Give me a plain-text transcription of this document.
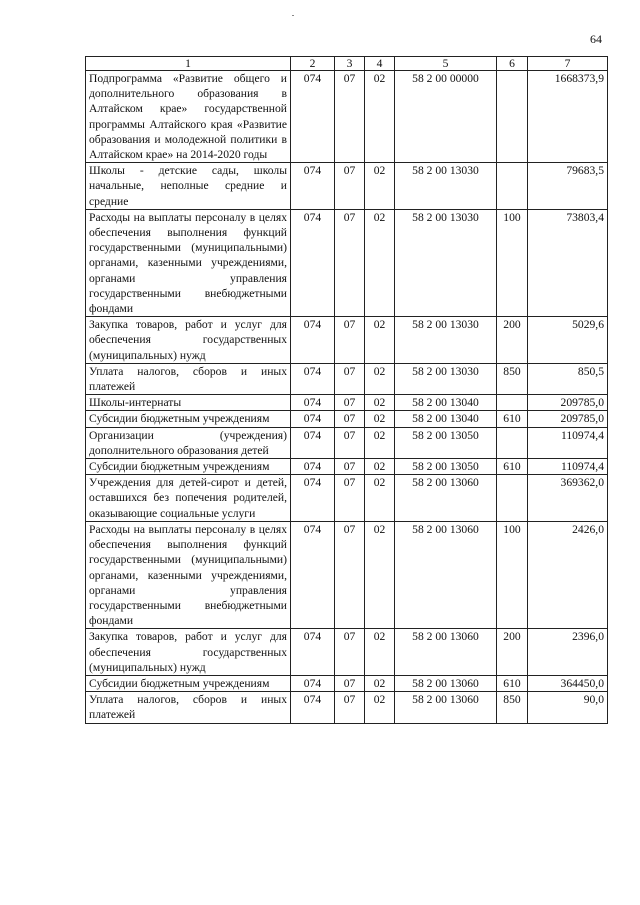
64
1	2	3	4	5	6	7
Подпрограмма «Развитие общего и дополнительного образования в Алтайском крае» государственной программы Алтайского края «Развитие образования и молодежной политики в Алтайском крае» на 2014-2020 годы	074	07	02	58 2 00 00000		1668373,9
Школы - детские сады, школы начальные, неполные средние и средние	074	07	02	58 2 00 13030		79683,5
Расходы на выплаты персоналу в целях обеспечения выполнения функций государственными (муниципальными) органами, казенными учреждениями, органами управления государственными внебюджетными фондами	074	07	02	58 2 00 13030	100	73803,4
Закупка товаров, работ и услуг для обеспечения государственных (муниципальных) нужд	074	07	02	58 2 00 13030	200	5029,6
Уплата налогов, сборов и иных платежей	074	07	02	58 2 00 13030	850	850,5
Школы-интернаты	074	07	02	58 2 00 13040		209785,0
Субсидии бюджетным учреждениям	074	07	02	58 2 00 13040	610	209785,0
Организации (учреждения) дополнительного образования детей	074	07	02	58 2 00 13050		110974,4
Субсидии бюджетным учреждениям	074	07	02	58 2 00 13050	610	110974,4
Учреждения для детей-сирот и детей, оставшихся без попечения родителей, оказывающие социальные услуги	074	07	02	58 2 00 13060		369362,0
Расходы на выплаты персоналу в целях обеспечения выполнения функций государственными (муниципальными) органами, казенными учреждениями, органами управления государственными внебюджетными фондами	074	07	02	58 2 00 13060	100	2426,0
Закупка товаров, работ и услуг для обеспечения государственных (муниципальных) нужд	074	07	02	58 2 00 13060	200	2396,0
Субсидии бюджетным учреждениям	074	07	02	58 2 00 13060	610	364450,0
Уплата налогов, сборов и иных платежей	074	07	02	58 2 00 13060	850	90,0
